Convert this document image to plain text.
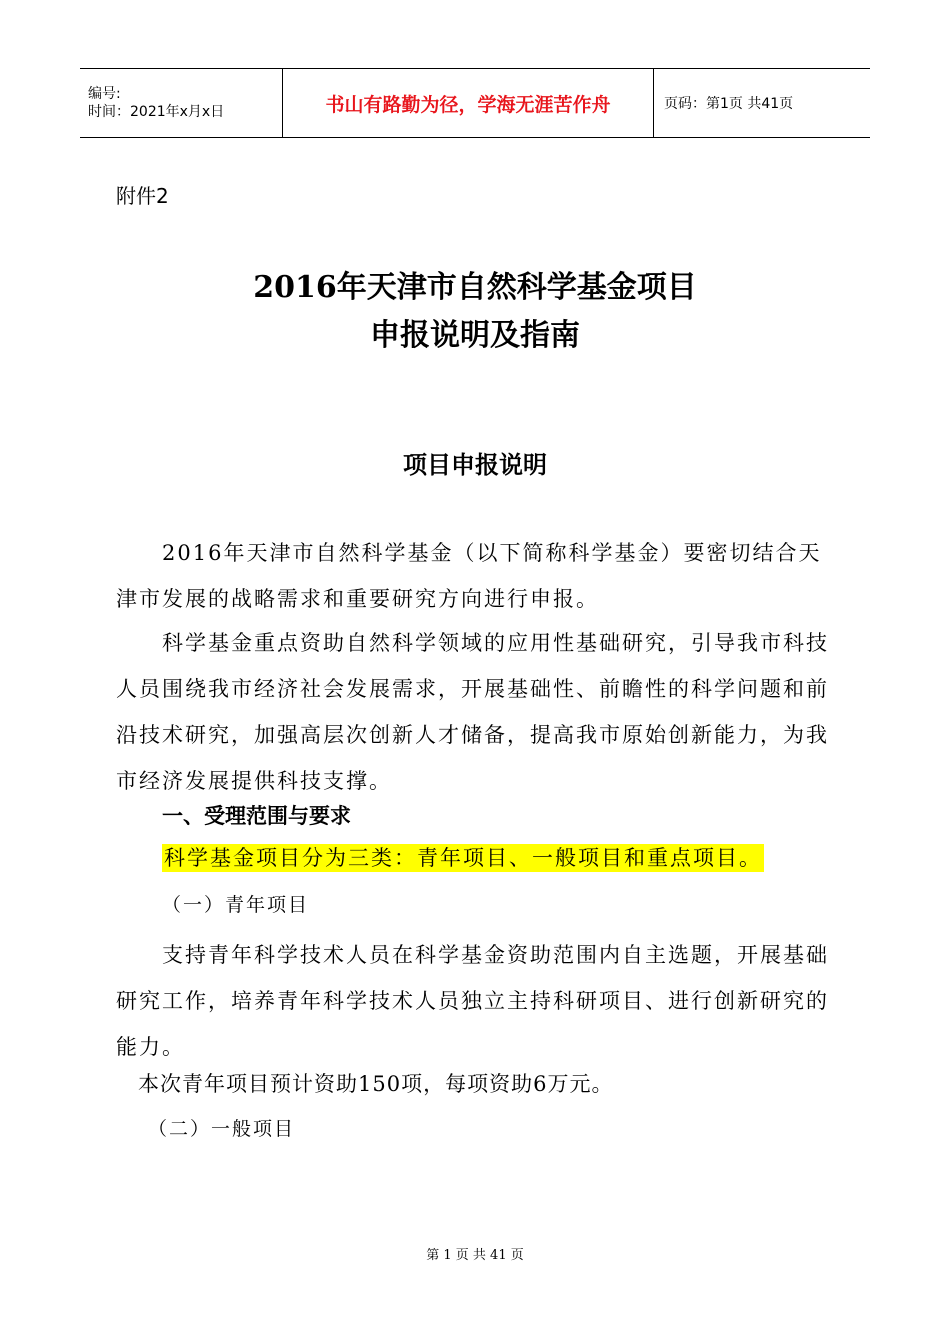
编号:
时间：2021年x月x日	书山有路勤为径，学海无涯苦作舟	页码：第1页 共41页
附件2
2016年天津市自然科学基金项目
申报说明及指南
项目申报说明
2016年天津市自然科学基金（以下简称科学基金）要密切结合天津市发展的战略需求和重要研究方向进行申报。
科学基金重点资助自然科学领域的应用性基础研究，引导我市科技人员围绕我市经济社会发展需求，开展基础性、前瞻性的科学问题和前沿技术研究，加强高层次创新人才储备，提高我市原始创新能力，为我市经济发展提供科技支撑。
一、受理范围与要求
科学基金项目分为三类：青年项目、一般项目和重点项目。
（一）青年项目
支持青年科学技术人员在科学基金资助范围内自主选题，开展基础研究工作，培养青年科学技术人员独立主持科研项目、进行创新研究的能力。
本次青年项目预计资助150项，每项资助6万元。
（二）一般项目
第 1 页 共 41 页
